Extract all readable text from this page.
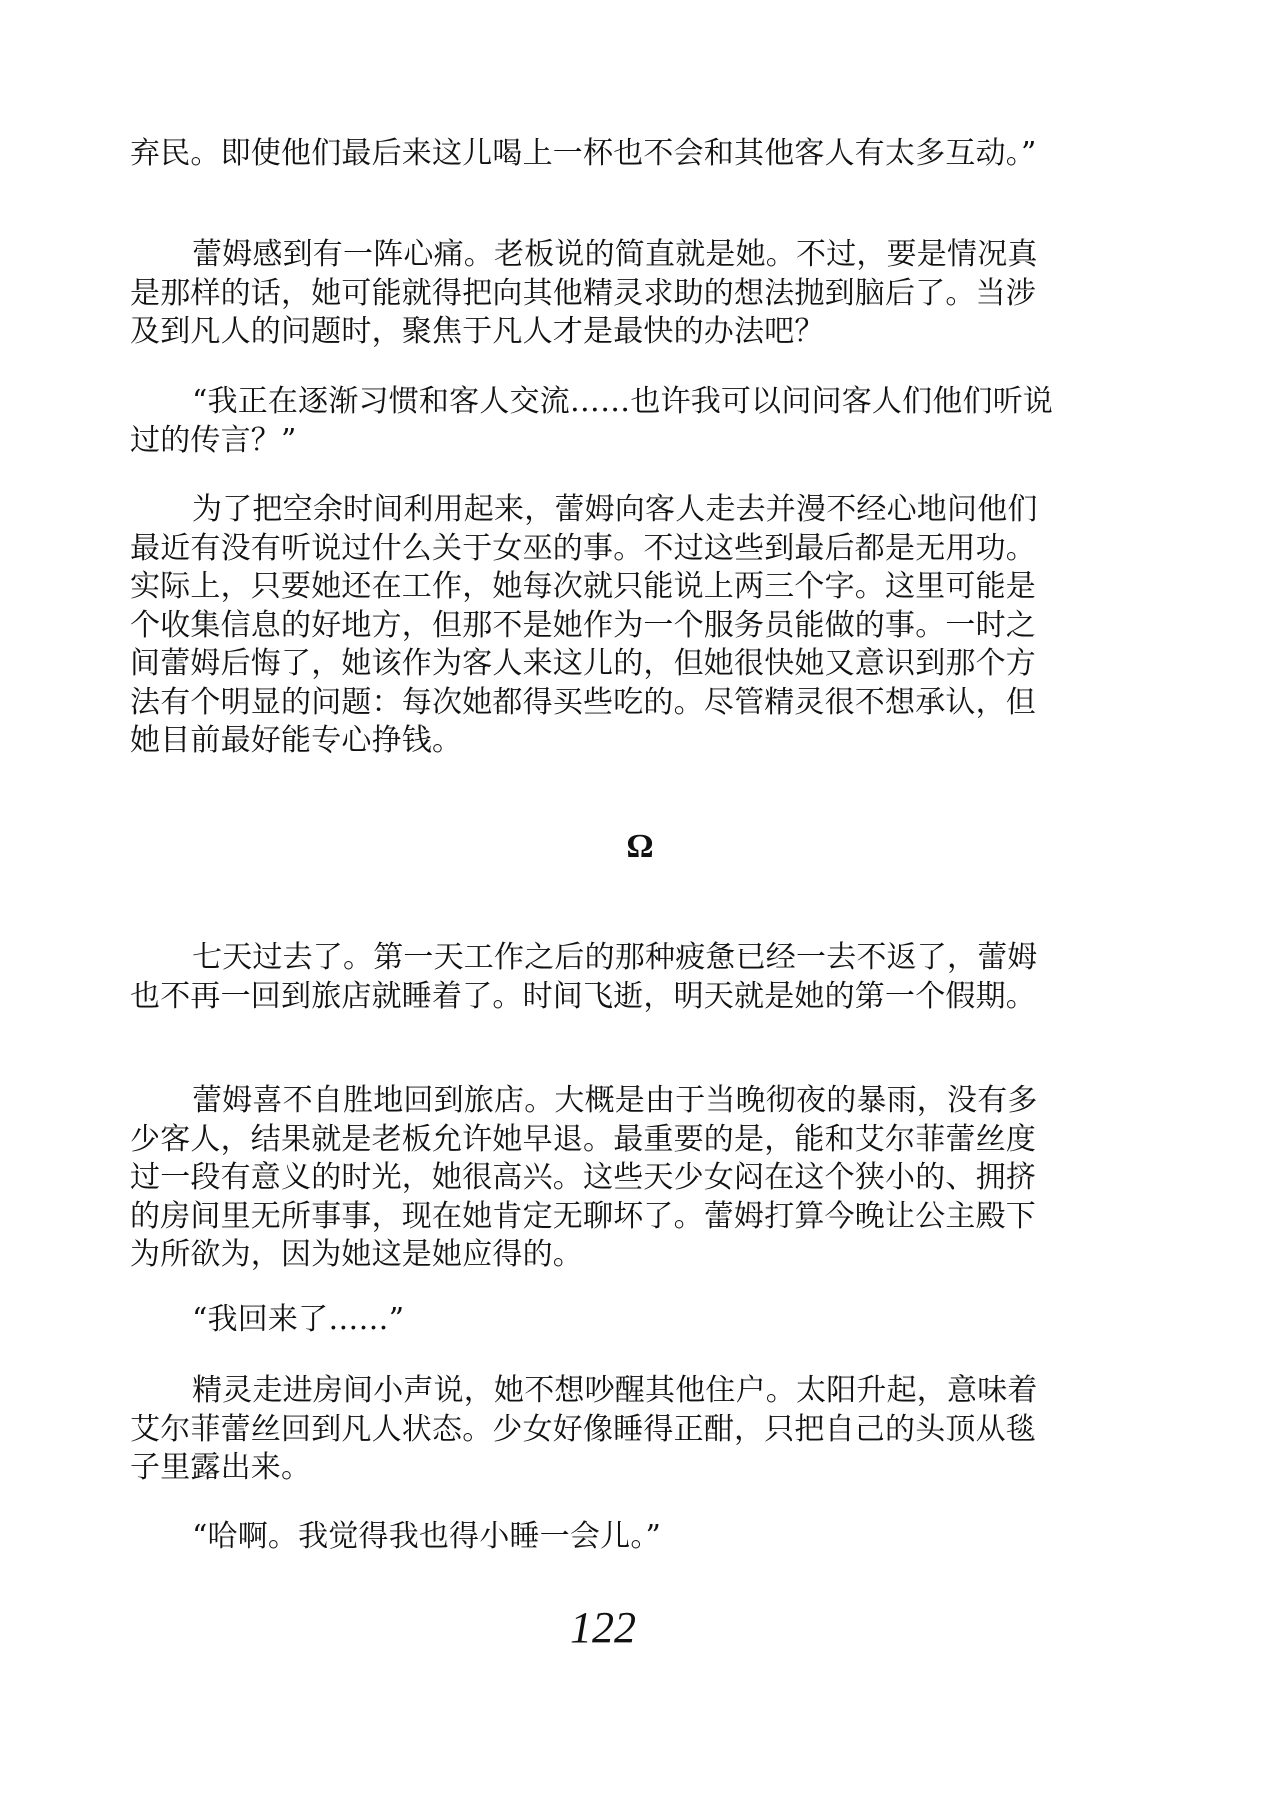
弃民。即使他们最后来这儿喝上一杯也不会和其他客人有太多互动。”

蕾姆感到有一阵心痛。老板说的简直就是她。不过，要是情况真是那样的话，她可能就得把向其他精灵求助的想法抛到脑后了。当涉及到凡人的问题时，聚焦于凡人才是最快的办法吧？

“我正在逐渐习惯和客人交流……也许我可以问问客人们他们听说过的传言？”

为了把空余时间利用起来，蕾姆向客人走去并漫不经心地问他们最近有没有听说过什么关于女巫的事。不过这些到最后都是无用功。实际上，只要她还在工作，她每次就只能说上两三个字。这里可能是个收集信息的好地方，但那不是她作为一个服务员能做的事。一时之间蕾姆后悔了，她该作为客人来这儿的，但她很快她又意识到那个方法有个明显的问题：每次她都得买些吃的。尽管精灵很不想承认，但她目前最好能专心挣钱。

Ω

七天过去了。第一天工作之后的那种疲惫已经一去不返了，蕾姆也不再一回到旅店就睡着了。时间飞逝，明天就是她的第一个假期。

蕾姆喜不自胜地回到旅店。大概是由于当晚彻夜的暴雨，没有多少客人，结果就是老板允许她早退。最重要的是，能和艾尔菲蕾丝度过一段有意义的时光，她很高兴。这些天少女闷在这个狭小的、拥挤的房间里无所事事，现在她肯定无聊坏了。蕾姆打算今晚让公主殿下为所欲为，因为她这是她应得的。

“我回来了……”

精灵走进房间小声说，她不想吵醒其他住户。太阳升起，意味着艾尔菲蕾丝回到凡人状态。少女好像睡得正酣，只把自己的头顶从毯子里露出来。

“哈啊。我觉得我也得小睡一会儿。”

122
